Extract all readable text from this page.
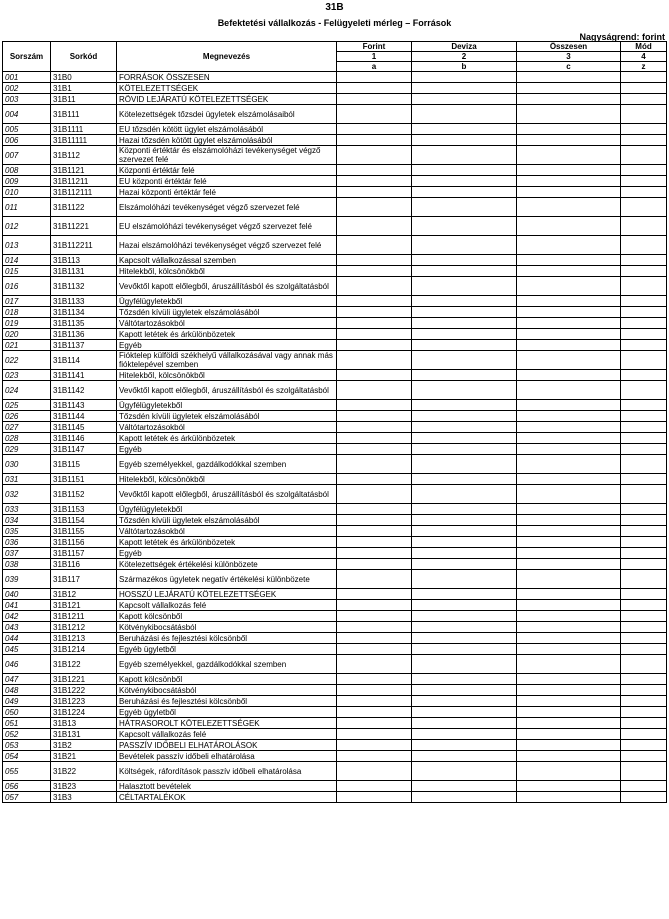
31B
Befektetési vállalkozás - Felügyeleti mérleg – Források
Nagyságrend: forint
Sorszám	Sorkód	Megnevezés	Forint	Deviza	Összesen	Mód
			1	2	3	4
			a	b	c	z
001	31B0	FORRÁSOK ÖSSZESEN				
002	31B1	KÖTELEZETTSÉGEK				
003	31B11	RÖVID LEJÁRATÚ KÖTELEZETTSÉGEK				
004	31B111	Kötelezettségek tőzsdei ügyletek elszámolásaiból				
005	31B1111	EU tőzsdén kötött ügylet elszámolásából				
006	31B11111	Hazai tőzsdén kötött ügylet elszámolásából				
007	31B112	Központi értéktár és elszámolóházi tevékenységet végző szervezet felé				
008	31B1121	Központi értéktár felé				
009	31B11211	EU központi értéktár felé				
010	31B112111	Hazai központi értéktár felé				
011	31B1122	Elszámolóházi tevékenységet végző szervezet felé				
012	31B11221	EU elszámolóházi tevékenységet végző szervezet felé				
013	31B112211	Hazai elszámolóházi tevékenységet végző szervezet felé				
014	31B113	Kapcsolt vállalkozással szemben				
015	31B1131	Hitelekből, kölcsönökből				
016	31B1132	Vevőktől kapott előlegből, áruszállításból és szolgáltatásból				
017	31B1133	Ügyfélügyletekből				
018	31B1134	Tőzsdén kívüli ügyletek elszámolásából				
019	31B1135	Váltótartozásokból				
020	31B1136	Kapott letétek és árkülönbözetek				
021	31B1137	Egyéb				
022	31B114	Fióktelep külföldi székhelyű vállalkozásával vagy annak más fióktelepével szemben				
023	31B1141	Hitelekből, kölcsönökből				
024	31B1142	Vevőktől kapott előlegből, áruszállításból és szolgáltatásból				
025	31B1143	Ügyfélügyletekből				
026	31B1144	Tőzsdén kívüli ügyletek elszámolásából				
027	31B1145	Váltótartozásokból				
028	31B1146	Kapott letétek és árkülönbözetek				
029	31B1147	Egyéb				
030	31B115	Egyéb személyekkel, gazdálkodókkal szemben				
031	31B1151	Hitelekből, kölcsönökből				
032	31B1152	Vevőktől kapott előlegből, áruszállításból és szolgáltatásból				
033	31B1153	Ügyfélügyletekből				
034	31B1154	Tőzsdén kívüli ügyletek elszámolásából				
035	31B1155	Váltótartozásokból				
036	31B1156	Kapott letétek és árkülönbözetek				
037	31B1157	Egyéb				
038	31B116	Kötelezettségek értékelési különbözete				
039	31B117	Származékos ügyletek negatív értékelési különbözete				
040	31B12	HOSSZÚ LEJÁRATÚ KÖTELEZETTSÉGEK				
041	31B121	Kapcsolt vállalkozás felé				
042	31B1211	Kapott kölcsönből				
043	31B1212	Kötvénykibocsátásból				
044	31B1213	Beruházási és fejlesztési kölcsönből				
045	31B1214	Egyéb ügyletből				
046	31B122	Egyéb személyekkel, gazdálkodókkal szemben				
047	31B1221	Kapott kölcsönből				
048	31B1222	Kötvénykibocsátásból				
049	31B1223	Beruházási és fejlesztési kölcsönből				
050	31B1224	Egyéb ügyletből				
051	31B13	HÁTRASOROLT KÖTELEZETTSÉGEK				
052	31B131	Kapcsolt vállalkozás felé				
053	31B2	PASSZÍV IDŐBELI ELHATÁROLÁSOK				
054	31B21	Bevételek passzív időbeli elhatárolása				
055	31B22	Költségek, ráfordítások passzív időbeli elhatárolása				
056	31B23	Halasztott bevételek				
057	31B3	CÉLTARTALÉKOK				
